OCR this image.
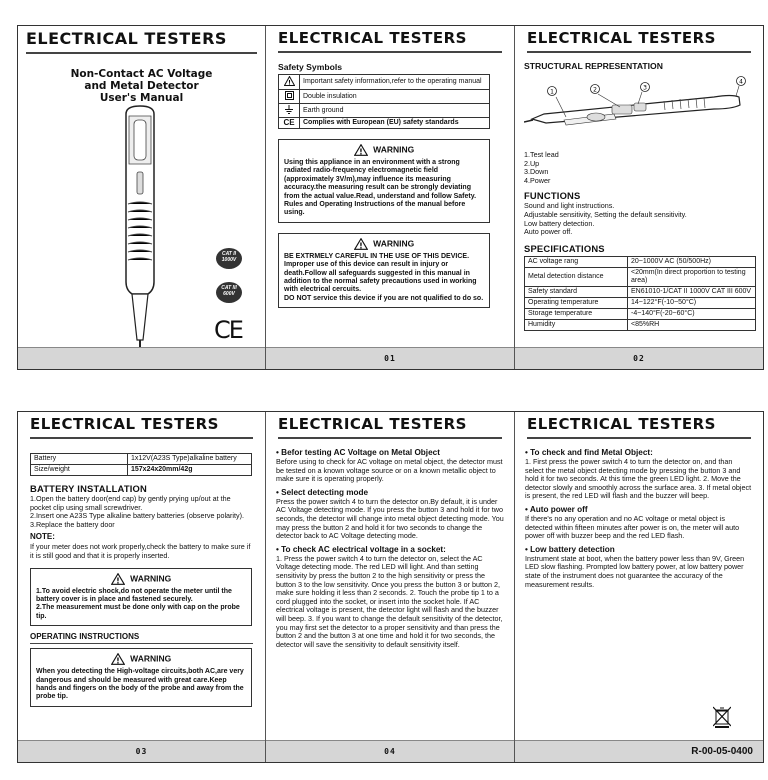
ELECTRICAL TESTERS
Non-Contact AC Voltage
and Metal Detector
User's Manual
CAT II
1000V
CAT III
600V
CE
ELECTRICAL TESTERS
Safety Symbols
!	Important safety information,refer to the operating manual
	Double insulation
	Earth ground
CE	Complies with European (EU) safety standards
! WARNING
Using this appliance in an environment with a strong radiated radio-frequency electromagnetic field (approximately 3V/m),may influence its measuring accuracy.the measuring result can be strongly deviating from the actual value.Read, understand and follow Safety. Rules and Operating Instructions of the manual before using.
! WARNING
BE EXTRMELY CAREFUL IN THE USE OF THIS DEVICE.
Improper use of this device can result in injury or death.Follow all safeguards suggested in this manual in addition to the normal safety precautions used in working with electrical cercuits.
DO NOT service this device if you are not qualified to do so.
01
ELECTRICAL TESTERS
STRUCTURAL REPRESENTATION
1	2	3
4
1.Test lead
2.Up
3.Down
4.Power
FUNCTIONS
Sound and light instructions.
Adjustable sensitivity, Setting the default sensitivity.
Low battery detection.
Auto power off.
SPECIFICATIONS
AC voltage rang	20~1000V AC (50/500Hz)
Metal detection distance	<20mm(In direct proportion to testing area)
Safety standard	EN61010-1/CAT II 1000V CAT III 600V
Operating temperature	14~122°F(-10~50°C)
Storage temperature	-4~140°F(-20~60°C)
Humidity	<85%RH
02
ELECTRICAL TESTERS
Battery	1x12V(A23S Type)alkaline battery
Size/weight	157x24x20mm/42g
BATTERY INSTALLATION
1.Open the battery door(end cap) by gently prying up/out at the pocket clip using small screwdriver.
2.Insert one A23S Type alkaline battery batteries (observe polarity).
3.Replace the battery door
NOTE:
If your meter does not work properly,check the battery to make sure if it is still good and that it is properly inserted.
! WARNING
1.To avoid electric shock,do not operate the meter until the battery cover is in place and fastened securely.
2.The measurement must be done only with cap on the probe tip.
OPERATING INSTRUCTIONS
! WARNING
When you detecting the High-voltage circuits,both AC,are very dangerous and should be measured with great care.Keep hands and fingers on the body of the probe and away from the probe tip.
03
ELECTRICAL TESTERS
• Befor testing AC Voltage on Metal Object
Before using to check for AC voltage on metal object, the detector must be tested on a known voltage source or on a known metallic object to make sure it is operating properly.
• Select detecting mode
Press the power switch 4 to turn the detector on.By default, it is under AC Voltage detecting mode. If you press the button 3 and hold it for two seconds, the detector will change into metal object detecting mode. You may press the button 2 and hold it for two seconds to change the detector back to AC Voltage detecting mode.
• To check AC electrical voltage in a socket:
1. Press the power switch 4 to turn the detector on, select the AC Voltage detecting mode. The red LED will light. And than setting sensitivity by press the button 2 to the high sensitivity or press the button 3 to the low sensitivity. Once you press the button 3 or button 2, make sure holding it less than 2 seconds. 2. Touch the probe tip 1 to a cord plugged into the socket, or insert into the socket hole. If AC electrical voltage is present, the detector light will flash and the buzzer will beep. 3. If you want to change the default sensitivity of the detector, you may first set the detector to a proper sensitivity and than press the button 2 and the button 3 at one time and hold it for two seconds, the detector will save the sensitivity to default sensitivity itself.
04
ELECTRICAL TESTERS
• To check and find Metal Object:
1. First press the power switch 4 to turn the detector on, and than select the metal object detecting mode by pressing the button 3 and hold it for two seconds. At this time the green LED light. 2. Move the detector slowly and smoothly across the surface area. 3. If metal object is present, the red LED will flash and the buzzer will beep.
• Auto power off
If there's no any operation and no AC voltage or metal object is detected within fifteen minutes after power is on, the meter will auto power off with buzzer beep and the red LED flash.
• Low battery detection
Instrument state at boot, when the battery power less than 9V, Green LED slow flashing. Prompted low battery power, at low battery power state of the instrument does not guarantee the accuracy of the measurement results.
R-00-05-0400
